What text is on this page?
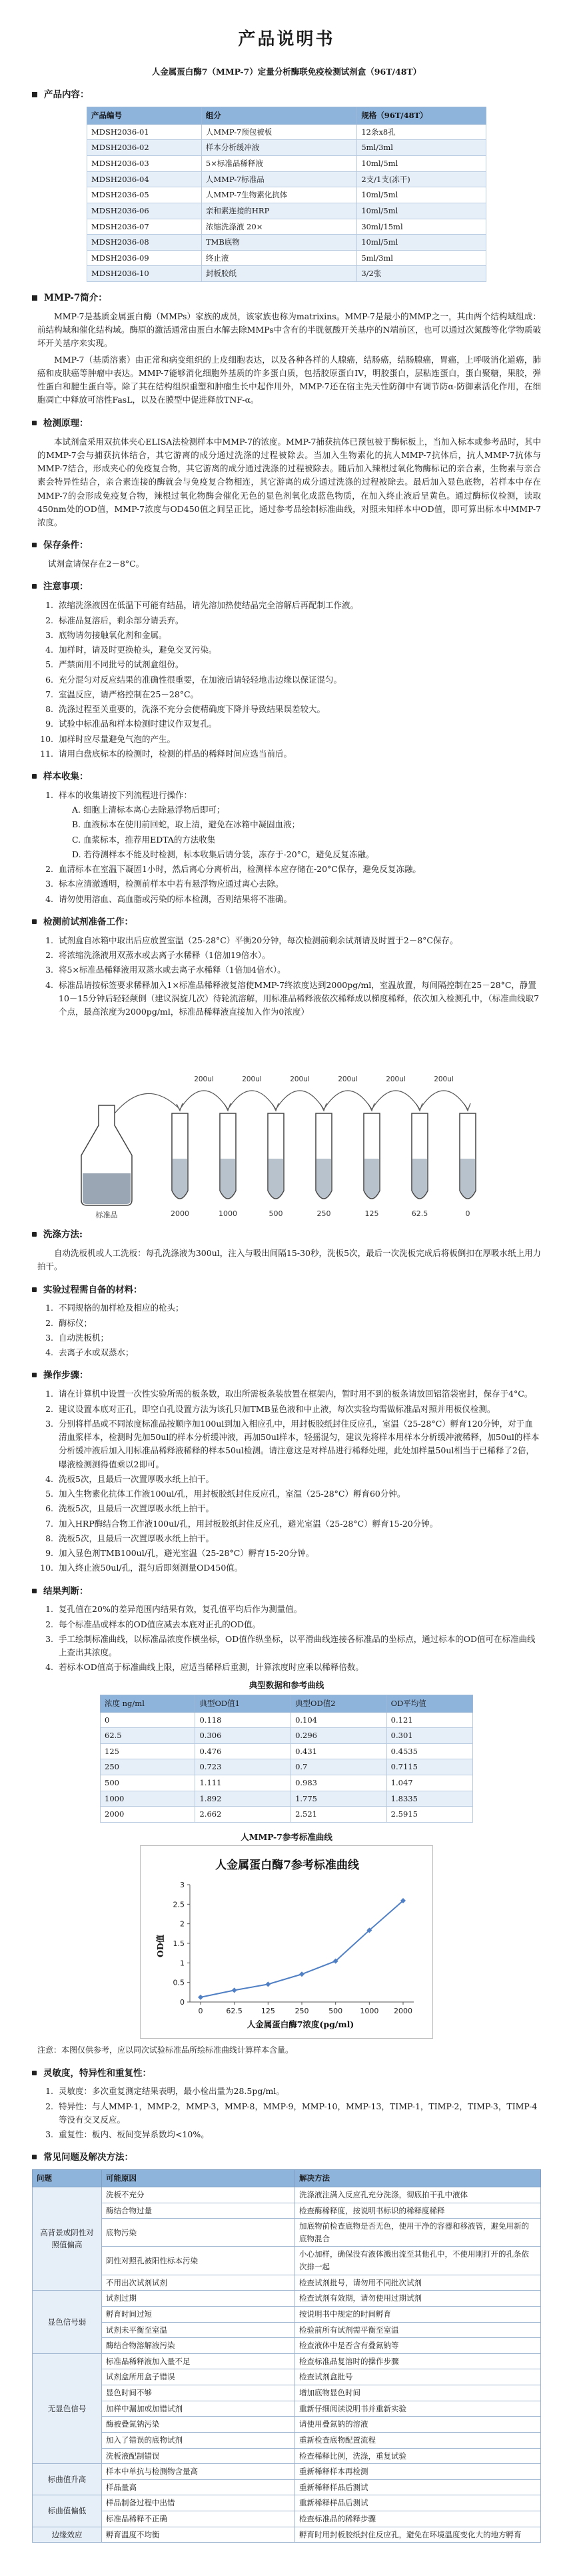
产品说明书
人金属蛋白酶7（MMP-7）定量分析酶联免疫检测试剂盒（96T/48T）
产品内容：
产品编号	组分	规格（96T/48T）
MDSH2036-01	人MMP-7预包被板	12条x8孔
MDSH2036-02	样本分析缓冲液	5ml/3ml
MDSH2036-03	5×标准品稀释液	10ml/5ml
MDSH2036-04	人MMP-7标准品	2支/1支(冻干)
MDSH2036-05	人MMP-7生物素化抗体	10ml/5ml
MDSH2036-06	亲和素连接的HRP	10ml/5ml
MDSH2036-07	浓缩洗涤液 20×	30ml/15ml
MDSH2036-08	TMB底物	10ml/5ml
MDSH2036-09	终止液	5ml/3ml
MDSH2036-10	封板胶纸	3/2张
MMP-7简介：

MMP-7是基质金属蛋白酶（MMPs）家族的成员，该家族也称为matrixins。MMP-7是最小的MMP之一，其由两个结构域组成：前结构域和催化结构域。酶原的激活通常由蛋白水解去除MMPs中含有的半胱氨酸开关基序的N端前区，也可以通过次氮酸等化学物质破坏开关基序来实现。

MMP-7（基质溶素）由正常和病变组织的上皮细胞表达，以及各种各样的人腺癌，结肠癌，结肠腺癌，胃癌，上呼吸消化道癌，肺癌和皮肤癌等肿瘤中表达。MMP-7能够消化细胞外基质的许多蛋白质，包括胶原蛋白IV，明胶蛋白，层粘连蛋白，蛋白聚糖，果胶，弹性蛋白和腱生蛋白等。除了其在结构组织重塑和肿瘤生长中起作用外，MMP-7还在宿主先天性防御中有调节防α-防御素活化作用，在细胞凋亡中释放可溶性FasL，以及在膜型中促进释放TNF-α。

检测原理：

本试剂盒采用双抗体夹心ELISA法检测样本中MMP-7的浓度。MMP-7捕获抗体已预包被于酶标板上，当加入标本或参考品时，其中的MMP-7会与捕获抗体结合，其它游离的成分通过洗涤的过程被除去。当加入生物素化的抗人MMP-7抗体后，抗人MMP-7抗体与MMP-7结合，形成夹心的免疫复合物，其它游离的成分通过洗涤的过程被除去。随后加入辣根过氧化物酶标记的亲合素，生物素与亲合素会特异性结合，亲合素连接的酶就会与免疫复合物相连，其它游离的成分通过洗涤的过程被除去。最后加入显色底物，若样本中存在MMP-7的会形成免疫复合物，辣根过氧化物酶会催化无色的显色剂氧化成蓝色物质，在加入终止液后呈黄色。通过酶标仪检测，读取450nm处的OD值，MMP-7浓度与OD450值之间呈正比，通过参考品绘制标准曲线，对照未知样本中OD值，即可算出标本中MMP-7浓度。

保存条件：

试剂盒请保存在2－8°C。

注意事项：
1. 浓缩洗涤液因在低温下可能有结晶，请先溶加热使结晶完全溶解后再配制工作液。
2. 标准品复溶后，剩余部分请丢弃。
3. 底物请勿接触氧化剂和金属。
4. 加样时，请及时更换枪头，避免交叉污染。
5. 严禁面用不同批号的试剂盒组份。
6. 充分混匀对反应结果的准确性很重要，在加液后请轻轻地击边缘以保证混匀。
7. 室温反应，请严格控制在25－28°C。
8. 洗涤过程至关重要的，洗涤不充分会使精确度下降并导致结果误差较大。
9. 试验中标准品和样本检测时建议作双复孔。
10. 加样时应尽量避免气泡的产生。
11. 请用白盘底标本的检测时，检测的样品的稀释时间应选当前后。
样本收集：
1. 样本的收集请按下列流程进行操作：
A. 细胞上清标本离心去除悬浮物后即可；
B. 血液标本在使用前回蛇，取上清，避免在冰箱中凝固血液；
C. 血浆标本，推荐用EDTA的方法收集
D. 若待测样本不能及时检测，标本收集后请分装，冻存于-20°C，避免反复冻融。
2. 血清标本在室温下凝固1小时，然后离心分离析出，检测样本应存储在-20°C保存，避免反复冻融。
3. 标本应清澈透明，检测前样本中若有悬浮物应通过离心去除。
4. 请勿使用溶血、高血脂或污染的标本检测，否则结果将不准确。
检测前试剂准备工作：
1. 试剂盒自冰箱中取出后应放置室温（25-28°C）平衡20分钟，每次检测前剩余试剂请及时置于2－8°C保存。
2. 将浓缩洗涤液用双蒸水或去离子水稀释（1倍加19倍水）。
3. 将5×标准品稀释液用双蒸水或去离子水稀释（1倍加4倍水）。
4. 标准品请按标签要求稀释加入1×标准品稀释液复溶使MMP-7终浓度达到2000pg/ml，室温放置，每间隔控制在25－28°C，静置10－15分钟后轻轻颠倒（建议涡旋几次）待轮流溶解，用标准品稀释液依次稀释成以梯度稀释，依次加入检测孔中，（标准曲线取7个点，最高浓度为2000pg/ml，标准品稀释液直接加入作为0浓度）
标准品	2000	1000	500	250	125	62.5	0
200ul	200ul	200ul	200ul	200ul	200ul
洗涤方法:

自动洗板机或人工洗板：每孔洗涤液为300ul，注入与吸出间隔15-30秒，洗板5次，最后一次洗板完成后将板倒扣在厚吸水纸上用力拍干。

实验过程需自备的材料：
1. 不同规格的加样枪及相应的枪头；
2. 酶标仪；
3. 自动洗板机；
4. 去离子水或双蒸水；
操作步骤：
1. 请在计算机中设置一次性实验所需的板条数，取出所需板条装放置在框架内，暂时用不到的板条请放回铝箔袋密封，保存于4°C。
2. 建议设置本底对正孔，即空白孔设置方法为该孔只加TMB显色液和中止液，每次实验均需做标准品对照并用板仪检测。
3. 分别将样品或不同浓度标准品按顺序加100ul到加入相应孔中，用封板胶纸封住反应孔，室温（25-28°C）孵育120分钟，对于血清血浆样本，检测时先加50ul的样本分析缓冲液，再加50ul样本，轻摇混匀，建议先将样本用样本分析缓冲液稀释，加50ul的样本分析缓冲液后加入用标准品稀释液稀释的样本50ul检测。请注意这是对样品进行稀释处理，此处加样量50ul相当于已稀释了2倍，曝液检测测得值乘以2即可。
4. 洗板5次，且最后一次置厚吸水纸上拍干。
5. 加入生物素化抗体工作液100ul/孔，用封板胶纸封住反应孔，室温（25-28°C）孵育60分钟。
6. 洗板5次，且最后一次置厚吸水纸上拍干。
7. 加入HRP酶结合物工作液100ul/孔，用封板胶纸封住反应孔，避光室温（25-28°C）孵育15-20分钟。
8. 洗板5次，且最后一次置厚吸水纸上拍干。
9. 加入显色剂TMB100ul/孔，避光室温（25-28°C）孵育15-20分钟。
10. 加入终止液50ul/孔，混匀后即刻测量OD450值。
结果判断：
1. 复孔值在20%的差异范围内结果有效，复孔值平均后作为测量值。
2. 每个标准品或样本的OD值应减去本底对正孔的OD值。
3. 手工绘制标准曲线，以标准品浓度作横坐标，OD值作纵坐标，以平滑曲线连接各标准品的坐标点，通过标本的OD值可在标准曲线上查出其浓度。
4. 若标本OD值高于标准曲线上限，应适当稀释后重测，计算浓度时应乘以稀释倍数。
典型数据和参考曲线
浓度 ng/ml	典型OD值1	典型OD值2	OD平均值
0	0.118	0.104	0.121
62.5	0.306	0.296	0.301
125	0.476	0.431	0.4535
250	0.723	0.7	0.7115
500	1.111	0.983	1.047
1000	1.892	1.775	1.8335
2000	2.662	2.521	2.5915
人MMP-7参考标准曲线
人金属蛋白酶7参考标准曲线
0
0.5
1
1.5
2
2.5
3
0	62.5	125	250	500 1000 2000
人金属蛋白酶7浓度(pg/ml)
OD值
注意：本图仅供参考，应以同次试验标准品所绘标准曲线计算样本含量。
灵敏度，特异性和重复性：
1. 灵敏度：多次重复测定结果表明，最小检出量为28.5pg/ml。
2. 特异性：与人MMP-1，MMP-2，MMP-3，MMP-8，MMP-9，MMP-10，MMP-13，TIMP-1，TIMP-2，TIMP-3，TIMP-4等没有交叉反应。
3. 重复性：板内、板间变异系数均<10%。
常见问题及解决方法：
问题	可能原因	解决方法
高背景或阴性对照值偏高	洗板不充分	洗涤液注满入反应孔充分洗涤，彻底拍干孔中液体
	酶结合物过量	检查酶稀释度，按说明书标识的稀释度稀释
	底物污染	加底物前检查底物是否无色，使用干净的容器和移液管，避免用新的底物混合
	阴性对照孔被阳性标本污染	小心加样，确保没有液体溅出流至其他孔中，不使用刚打开的孔条依次排一起
	不用出次试剂试剂	检查试剂批号，请勿用不同批次试剂
显色信号弱	试剂过期	检查试剂有效期，请勿使用过期试剂
	孵育时间过短	按说明书中规定的时间孵育
	试剂未平衡至室温	检验前所有试剂需平衡至室温
	酶结合物溶解液污染	检查液体中是否含有叠氮钠等
无显色信号	标准品稀释液加入量不足	检查标准品复溶时的操作步骤
	试剂盒所用盒子错误	检查试剂盒批号
	显色时间不够	增加底物显色时间
	加样中漏加或加错试剂	重新仔细阅读说明书并重新实验
	酶被叠氮钠污染	请使用叠氮钠的溶液
	加入了错误的底物试剂	重新检查底物配置流程
	洗板液配制错误	检查稀释比例，洗涤，重复试验
标曲值升高	样本中单抗与检测物含量高	重新稀释样本再检测
	样品量高	重新稀释样品后测试
标曲值偏低	样品制备过程中出错	重新稀释样品后测试
	标准品稀释不正确	检查标准品的稀释步骤
边缘效应	孵育温度不均衡	孵育时用封板胶纸封住反应孔，避免在环境温度变化大的地方孵育
